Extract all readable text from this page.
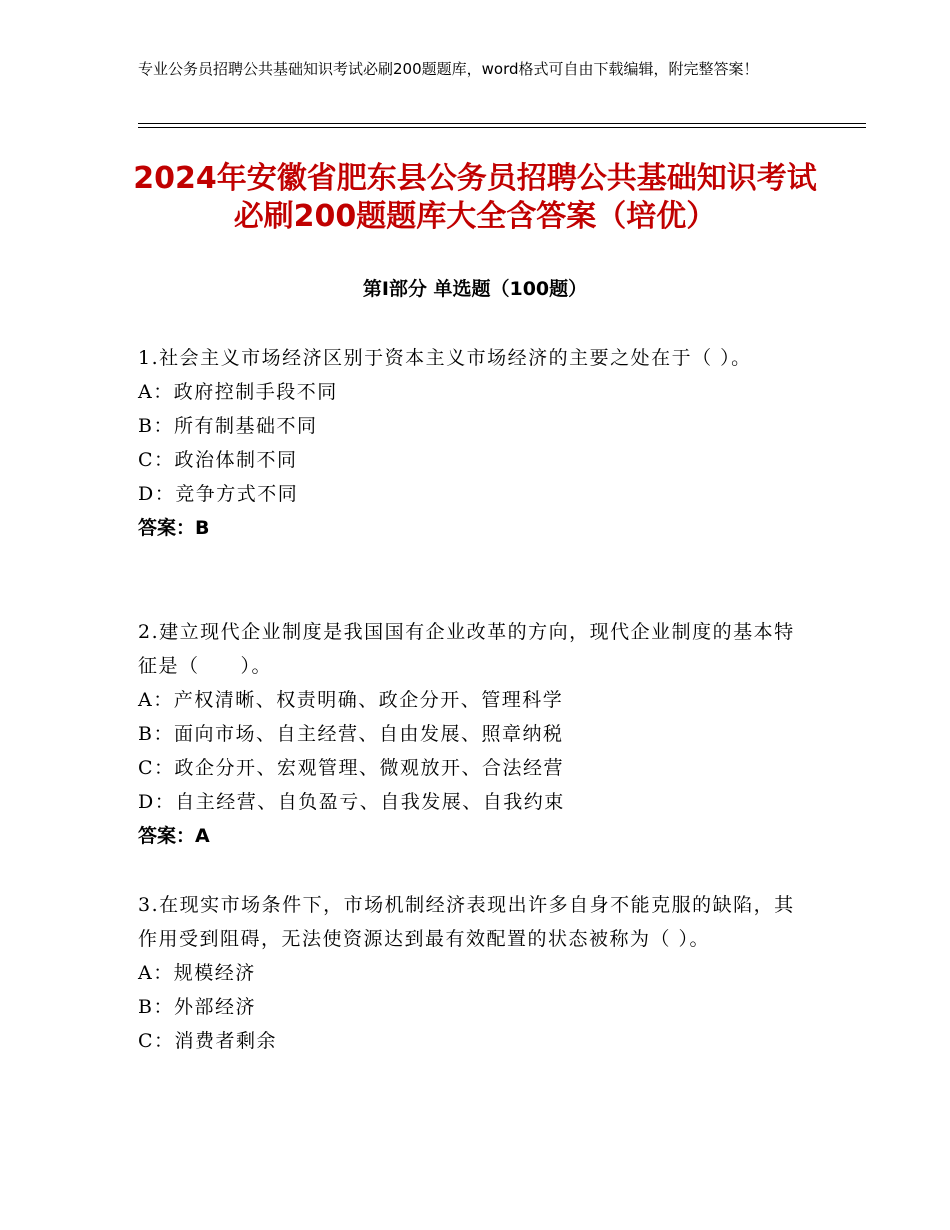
专业公务员招聘公共基础知识考试必刷200题题库，word格式可自由下载编辑，附完整答案！
2024年安徽省肥东县公务员招聘公共基础知识考试必刷200题题库大全含答案（培优）
第Ⅰ部分 单选题（100题）

1.社会主义市场经济区别于资本主义市场经济的主要之处在于（ ）。

A：政府控制手段不同

B：所有制基础不同

C：政治体制不同

D：竞争方式不同

答案：B

2.建立现代企业制度是我国国有企业改革的方向，现代企业制度的基本特征是（　　）。

A：产权清晰、权责明确、政企分开、管理科学

B：面向市场、自主经营、自由发展、照章纳税

C：政企分开、宏观管理、微观放开、合法经营

D：自主经营、自负盈亏、自我发展、自我约束

答案：A

3.在现实市场条件下，市场机制经济表现出许多自身不能克服的缺陷，其作用受到阻碍，无法使资源达到最有效配置的状态被称为（ ）。

A：规模经济

B：外部经济

C：消费者剩余
